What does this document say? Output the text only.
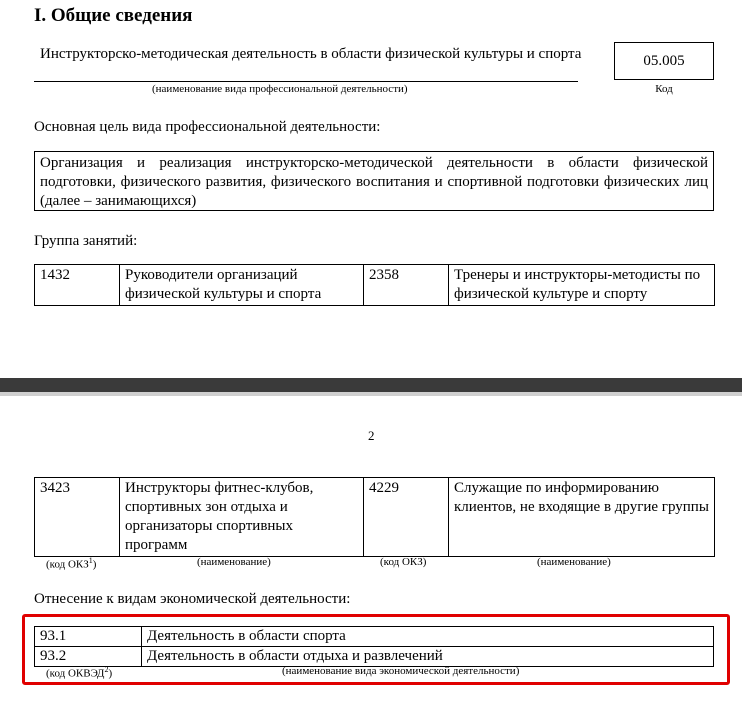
I. Общие сведения
Инструкторско-методическая деятельность в области физической культуры и спорта
(наименование вида профессиональной деятельности)
05.005
Код
Основная цель вида профессиональной деятельности:
Организация и реализация инструкторско-методической деятельности в области физической подготовки, физического развития, физического воспитания и спортивной подготовки физических лиц (далее – занимающихся)
Группа занятий:
1432	Руководители организаций физической культуры и спорта	2358	Тренеры и инструкторы-методисты по физической культуре и спорту
2
3423	Инструкторы фитнес-клубов, спортивных зон отдыха и организаторы спортивных программ	4229	Служащие по информированию клиентов, не входящие в другие группы
(код ОКЗ$^1$)	(наименование)	(код ОКЗ)	(наименование)
Отнесение к видам экономической деятельности:
93.1	Деятельность в области спорта
93.2	Деятельность в области отдыха и развлечений
(код ОКВЭД$^2$)	(наименование вида экономической деятельности)
